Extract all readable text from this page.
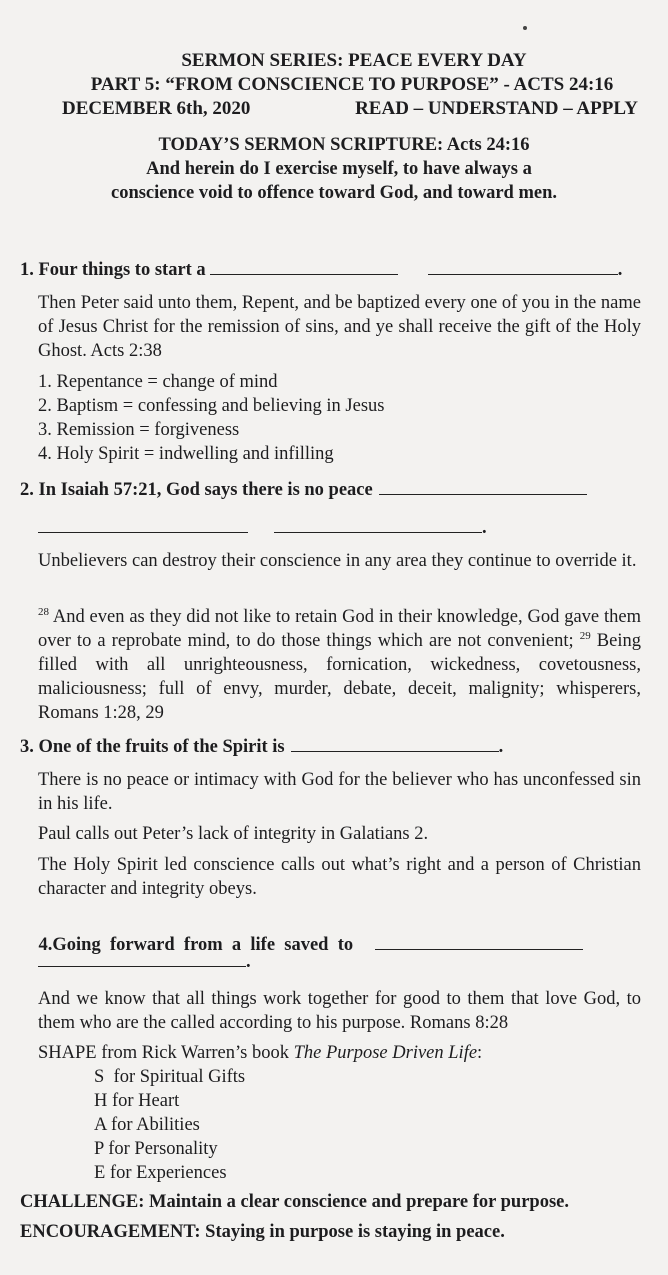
SERMON SERIES: PEACE EVERY DAY
PART 5: “FROM CONSCIENCE TO PURPOSE” - ACTS 24:16
DECEMBER 6th, 2020	READ – UNDERSTAND – APPLY
TODAY’S SERMON SCRIPTURE: Acts 24:16
And herein do I exercise myself, to have always a
conscience void to offence toward God, and toward men.
1. Four things to start a	.
Then Peter said unto them, Repent, and be baptized every one of you in the name of Jesus Christ for the remission of sins, and ye shall receive the gift of the Holy Ghost. Acts 2:38
1. Repentance = change of mind
2. Baptism = confessing and believing in Jesus
3. Remission = forgiveness
4. Holy Spirit = indwelling and infilling
2. In Isaiah 57:21, God says there is no peace
.
Unbelievers can destroy their conscience in any area they continue to override it.
$^{28}$ And even as they did not like to retain God in their knowledge, God gave them over to a reprobate mind, to do those things which are not convenient; $^{29}$ Being filled with all unrighteousness, fornication, wickedness, covetousness, maliciousness; full of envy, murder, debate, deceit, malignity; whisperers, Romans 1:28, 29
3. One of the fruits of the Spirit is	.
There is no peace or intimacy with God for the believer who has unconfessed sin in his life.
Paul calls out Peter’s lack of integrity in Galatians 2.
The Holy Spirit led conscience calls out what’s right and a person of Christian character and integrity obeys.

4.Going  forward  from  a  life  saved  to

.
And we know that all things work together for good to them that love God, to them who are the called according to his purpose. Romans 8:28
SHAPE from Rick Warren’s book The Purpose Driven Life:
S  for Spiritual Gifts
H for Heart
A for Abilities
P for Personality
E for Experiences
CHALLENGE: Maintain a clear conscience and prepare for purpose.
ENCOURAGEMENT: Staying in purpose is staying in peace.
